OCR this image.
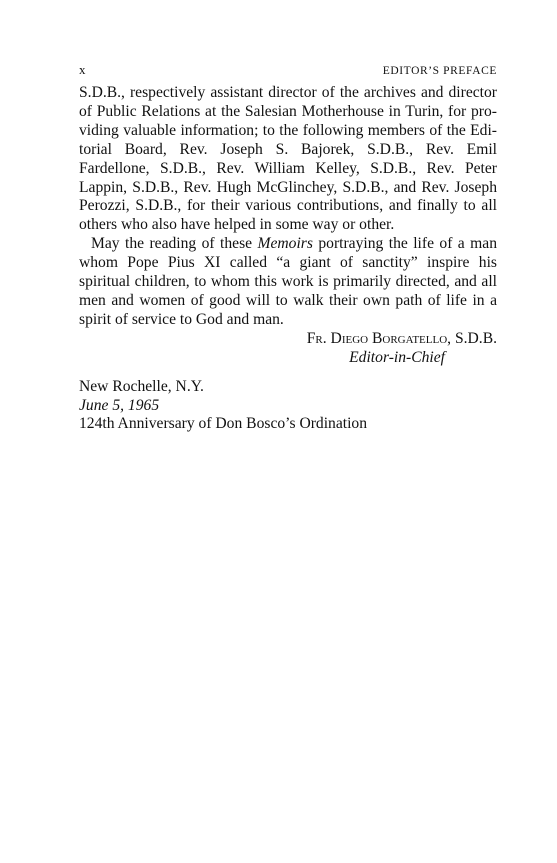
x	EDITOR’S PREFACE

S.D.B., respectively assistant director of the archives and director of Public Relations at the Salesian Motherhouse in Turin, for providing valuable information; to the following members of the Editorial Board, Rev. Joseph S. Bajorek, S.D.B., Rev. Emil Fardellone, S.D.B., Rev. William Kelley, S.D.B., Rev. Peter Lappin, S.D.B., Rev. Hugh McGlinchey, S.D.B., and Rev. Joseph Perozzi, S.D.B., for their various contributions, and finally to all others who also have helped in some way or other.

May the reading of these Memoirs portraying the life of a man whom Pope Pius XI called “a giant of sanctity” inspire his spiritual children, to whom this work is primarily directed, and all men and women of good will to walk their own path of life in a spirit of service to God and man.

Fr. Diego Borgatello, S.D.B.
Editor-in-Chief
New Rochelle, N.Y.
June 5, 1965
124th Anniversary of Don Bosco’s Ordination
